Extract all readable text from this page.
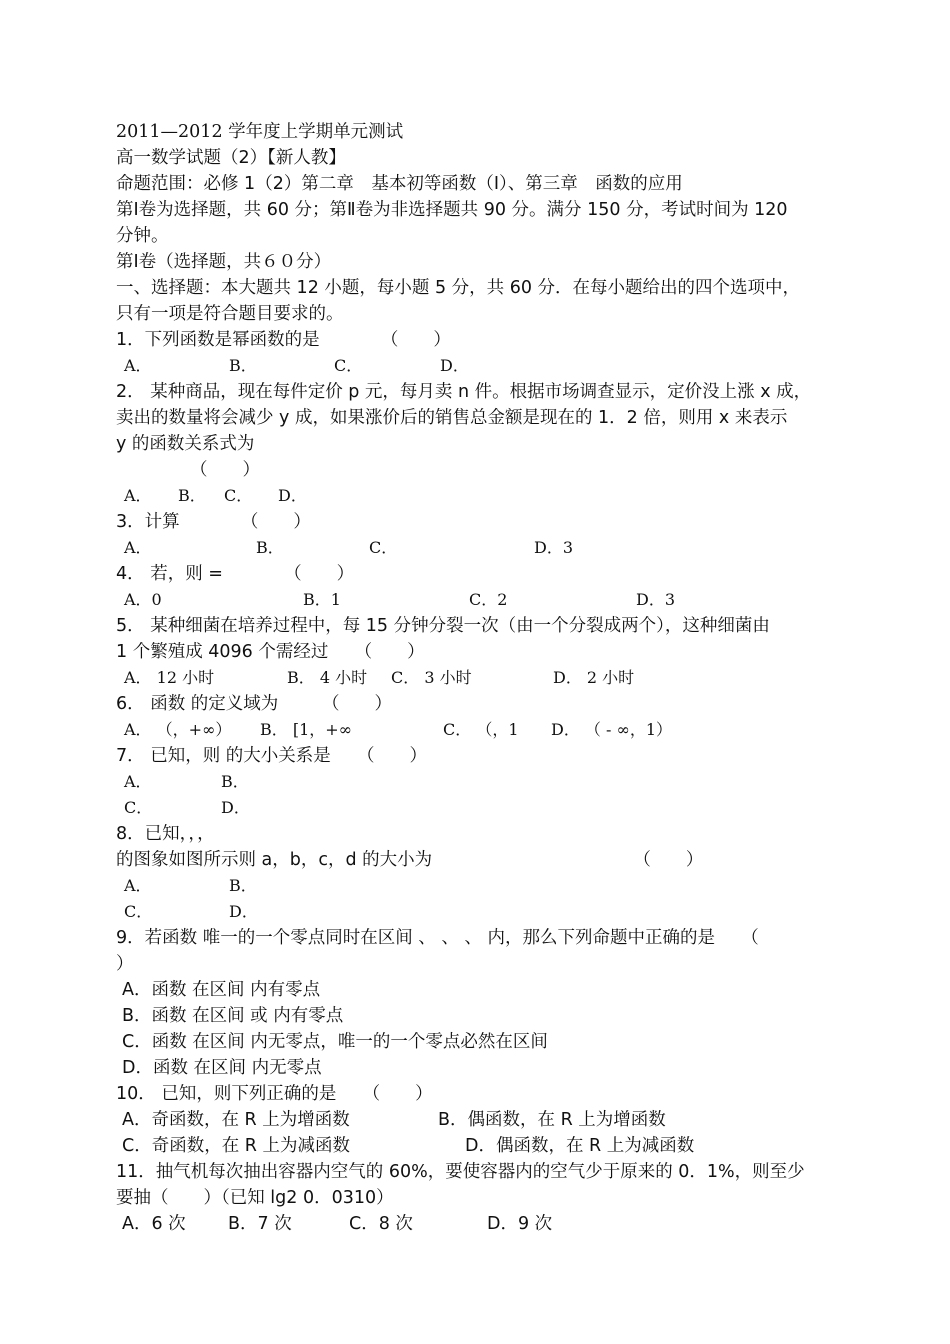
2011—2012 学年度上学期单元测试
高一数学试题（2）【新人教】
命题范围：必修 1（2）第二章　基本初等函数（Ⅰ）、第三章　函数的应用
第Ⅰ卷为选择题，共 60 分；第Ⅱ卷为非选择题共 90 分。满分 150 分，考试时间为 120
分钟。
第Ⅰ卷（选择题，共６０分）
一、选择题：本大题共 12 小题，每小题 5 分，共 60 分．在每小题给出的四个选项中，
只有一项是符合题目要求的。
1．下列函数是幂函数的是　　　　（　　）
A．	B．	C．	D．
2． 某种商品，现在每件定价 p 元，每月卖 n 件。根据市场调查显示，定价没上涨 x 成，
卖出的数量将会减少 y 成，如果涨价后的销售总金额是现在的 1．2 倍，则用 x 来表示
y 的函数关系式为
（　　）
A． B． C． D．
3．计算　　　　（　　）
A．	B．	C．	D．3
4． 若，则 =　　　　（　　）
A．0	B．1	C．2	D．3
5． 某种细菌在培养过程中，每 15 分钟分裂一次（由一个分裂成两个），这种细菌由
1 个繁殖成 4096 个需经过　　（　　）
A． 12 小时	B． 4 小时 C． 3 小时	D． 2 小时
6． 函数 的定义域为　　　（　　）
A． （，+∞） B． [1，+∞	C． （，1 D． （ - ∞，1）
7． 已知，则 的大小关系是　　（　　）
A．	B．
C．	D．
8．已知，，，
的图象如图所示则 a，b，c，d 的大小为　　　　　　　　　　　　（　　）
A．	B．
C．	D．
9．若函数 唯一的一个零点同时在区间 、 、 、 内，那么下列命题中正确的是　　（
）
A．函数 在区间 内有零点
B．函数 在区间 或 内有零点
C．函数 在区间 内无零点，唯一的一个零点必然在区间
D．函数 在区间 内无零点
10． 已知，则下列正确的是　　（　　）
A．奇函数，在 R 上为增函数	B．偶函数，在 R 上为增函数
C．奇函数，在 R 上为减函数	D．偶函数，在 R 上为减函数
11．抽气机每次抽出容器内空气的 60%，要使容器内的空气少于原来的 0．1%，则至少
要抽（　　）（已知 lg2 0．0310）
A．6 次 B．7 次	C．8 次	D．9 次
